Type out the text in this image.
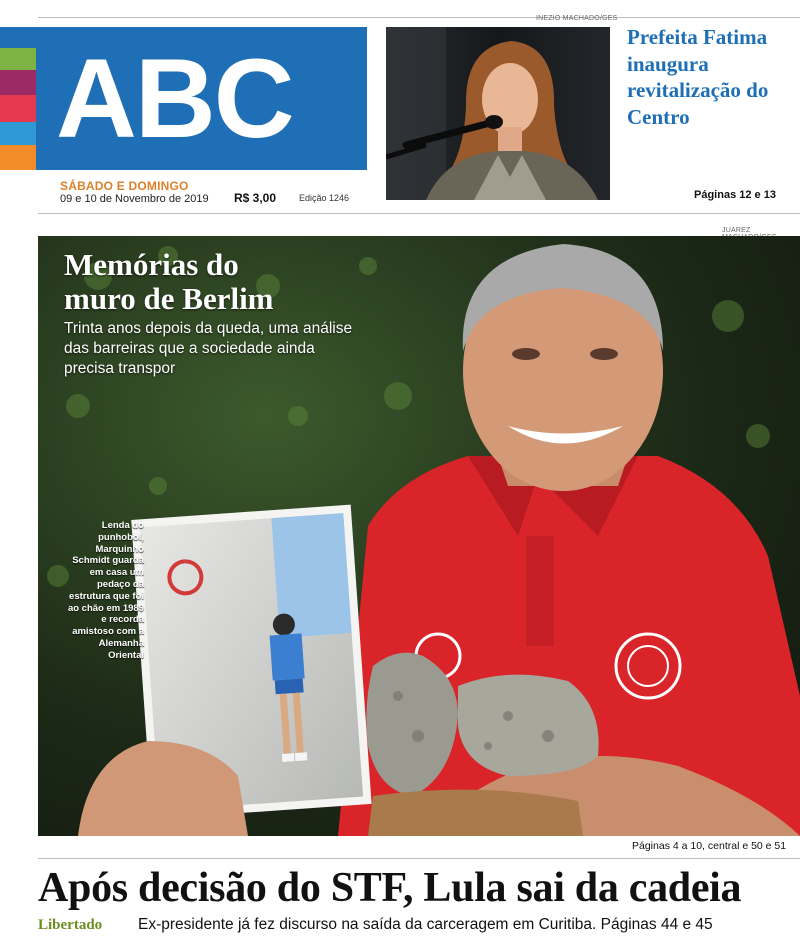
ABC
SÁBADO E DOMINGO
09 e 10 de Novembro de 2019 R$ 3,00	Edição 1246
INEZIO MACHADO/GES
Prefeita Fatima inaugura revitalização do Centro
Páginas 12 e 13
JUAREZ
Memórias do
muro de Berlim
Trinta anos depois da queda, uma análise das barreiras que a sociedade ainda precisa transpor
Lenda do punhobol, Marquinho Schmidt guarda em casa um pedaço da estrutura que foi ao chão em 1989 e recorda amistoso com a Alemanha Oriental
Páginas 4 a 10, central e 50 e 51
Após decisão do STF, Lula sai da cadeia
Libertado Ex-presidente já fez discurso na saída da carceragem em Curitiba. Páginas 44 e 45
